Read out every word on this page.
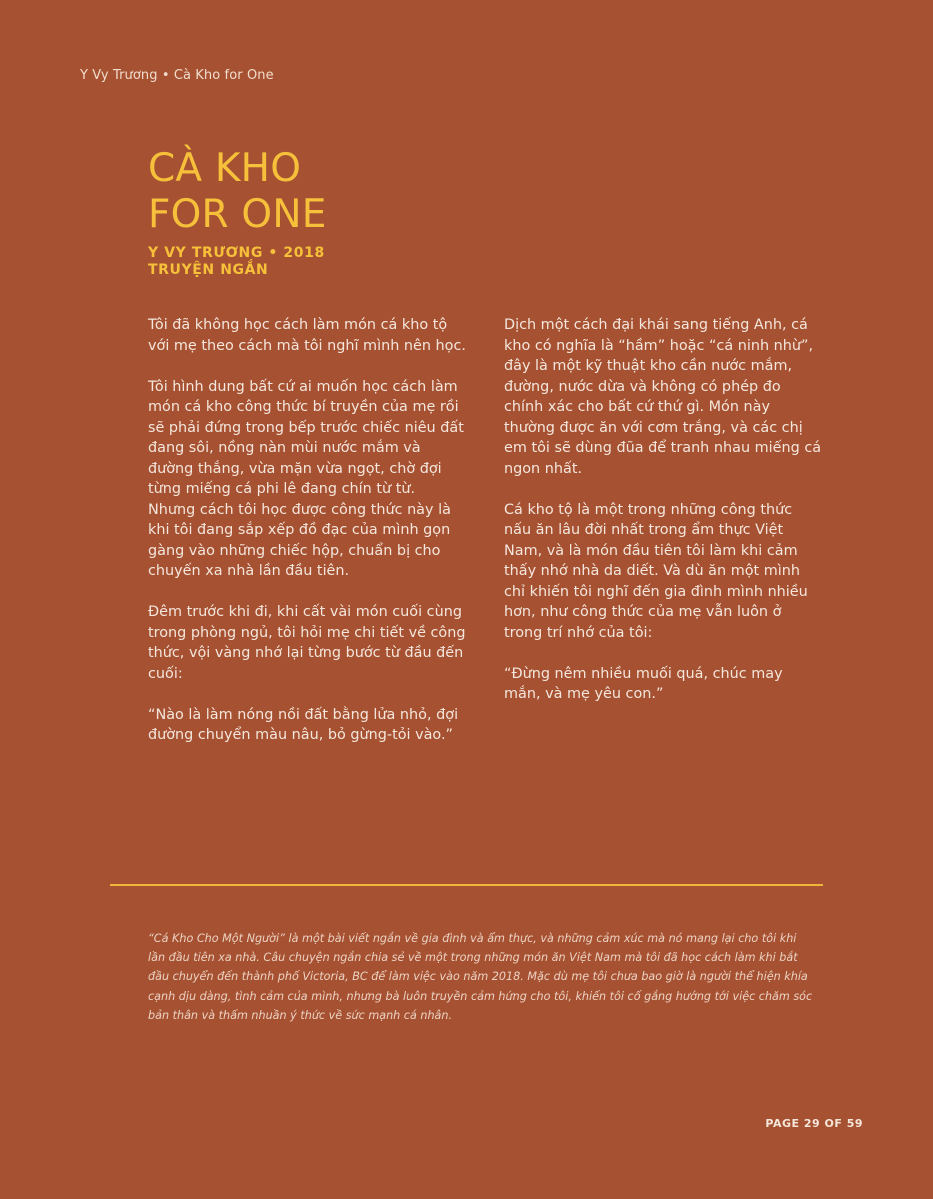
Y Vy Trương • Cà Kho for One
CÀ KHO
FOR ONE
Y VY TRƯƠNG • 2018
TRUYỆN NGẮN

Tôi đã không học cách làm món cá kho tộ với mẹ theo cách mà tôi nghĩ mình nên học.

Tôi hình dung bất cứ ai muốn học cách làm món cá kho công thức bí truyền của mẹ rồi sẽ phải đứng trong bếp trước chiếc niêu đất đang sôi, nồng nàn mùi nước mắm và đường thắng, vừa mặn vừa ngọt, chờ đợi từng miếng cá phi lê đang chín từ từ. Nhưng cách tôi học được công thức này là khi tôi đang sắp xếp đồ đạc của mình gọn gàng vào những chiếc hộp, chuẩn bị cho chuyến xa nhà lần đầu tiên.

Đêm trước khi đi, khi cất vài món cuối cùng trong phòng ngủ, tôi hỏi mẹ chi tiết về công thức, vội vàng nhớ lại từng bước từ đầu đến cuối:

“Nào là làm nóng nồi đất bằng lửa nhỏ, đợi đường chuyển màu nâu, bỏ gừng-tỏi vào.”

Dịch một cách đại khái sang tiếng Anh, cá kho có nghĩa là “hầm” hoặc “cá ninh nhừ”, đây là một kỹ thuật kho cần nước mắm, đường, nước dừa và không có phép đo chính xác cho bất cứ thứ gì. Món này thường được ăn với cơm trắng, và các chị em tôi sẽ dùng đũa để tranh nhau miếng cá ngon nhất.

Cá kho tộ là một trong những công thức nấu ăn lâu đời nhất trong ẩm thực Việt Nam, và là món đầu tiên tôi làm khi cảm thấy nhớ nhà da diết. Và dù ăn một mình chỉ khiến tôi nghĩ đến gia đình mình nhiều hơn, như công thức của mẹ vẫn luôn ở trong trí nhớ của tôi:

“Đừng nêm nhiều muối quá, chúc may mắn, và mẹ yêu con.”

“Cá Kho Cho Một Người” là một bài viết ngắn về gia đình và ẩm thực, và những cảm xúc mà nó mang lại cho tôi khi lần đầu tiên xa nhà. Câu chuyện ngắn chia sẻ về một trong những món ăn Việt Nam mà tôi đã học cách làm khi bắt đầu chuyển đến thành phố Victoria, BC để làm việc vào năm 2018. Mặc dù mẹ tôi chưa bao giờ là người thể hiện khía cạnh dịu dàng, tình cảm của mình, nhưng bà luôn truyền cảm hứng cho tôi, khiến tôi cố gắng hướng tới việc chăm sóc bản thân và thấm nhuần ý thức về sức mạnh cá nhân.

PAGE 29 OF 59
